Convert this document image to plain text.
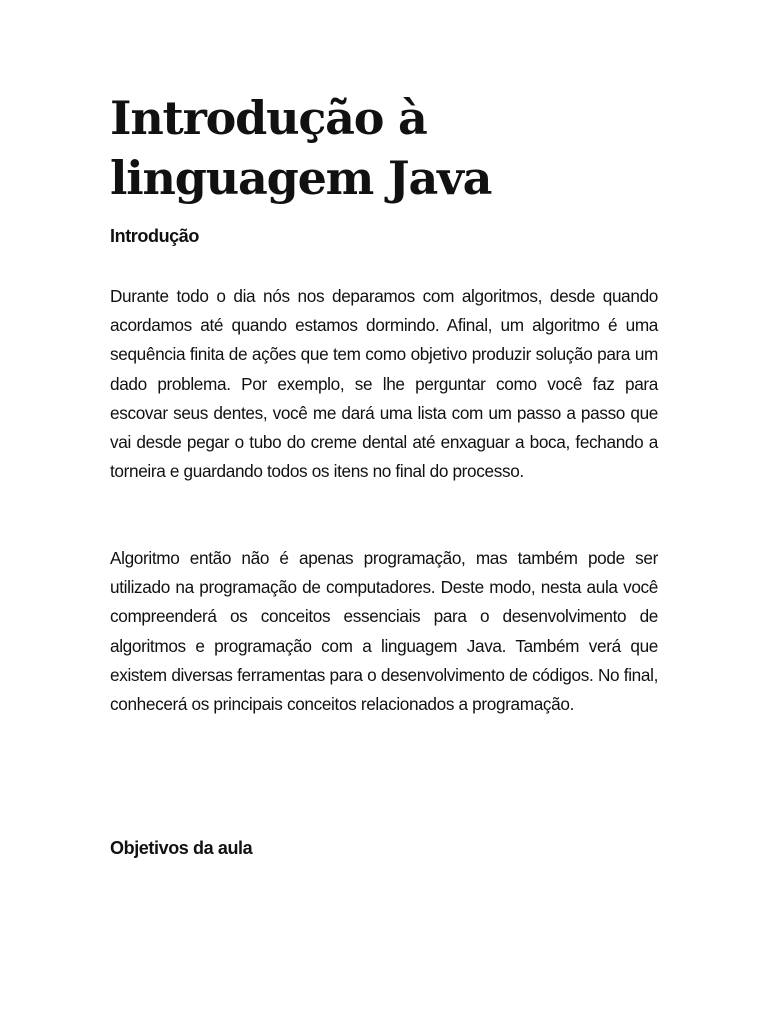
Introdução à linguagem Java
Introdução

Durante todo o dia nós nos deparamos com algoritmos, desde quando acordamos até quando estamos dormindo. Afinal, um algoritmo é uma sequência finita de ações que tem como objetivo produzir solução para um dado problema. Por exemplo, se lhe perguntar como você faz para escovar seus dentes, você me dará uma lista com um passo a passo que vai desde pegar o tubo do creme dental até enxaguar a boca, fechando a torneira e guardando todos os itens no final do processo.

Algoritmo então não é apenas programação, mas também pode ser utilizado na programação de computadores. Deste modo, nesta aula você compreenderá os conceitos essenciais para o desenvolvimento de algoritmos e programação com a linguagem Java. Também verá que existem diversas ferramentas para o desenvolvimento de códigos. No final, conhecerá os principais conceitos relacionados a programação.

Objetivos da aula
